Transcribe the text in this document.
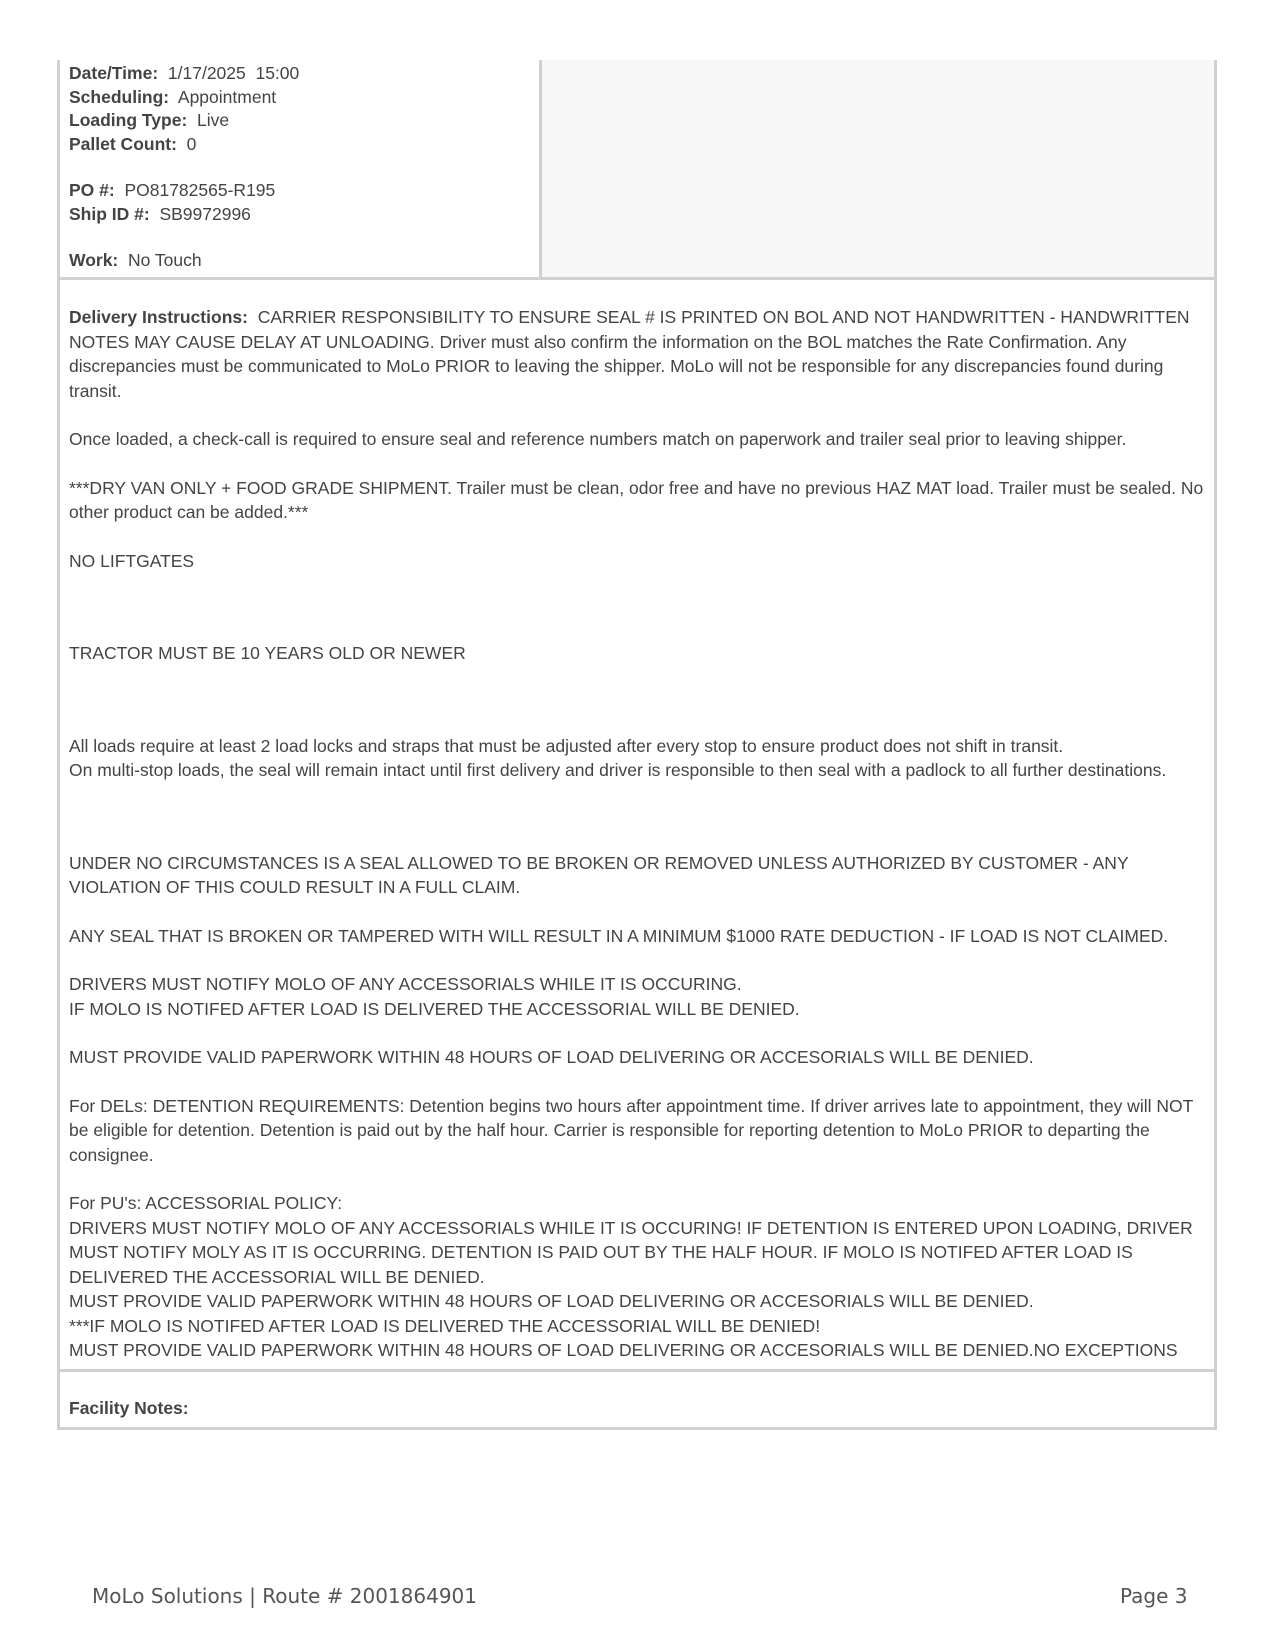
Date/Time: 1/17/2025  15:00
Scheduling: Appointment
Loading Type: Live
Pallet Count: 0
PO #: PO81782565-R195
Ship ID #: SB9972996
Work: No Touch
Delivery Instructions: CARRIER RESPONSIBILITY TO ENSURE SEAL # IS PRINTED ON BOL AND NOT HANDWRITTEN - HANDWRITTEN NOTES MAY CAUSE DELAY AT UNLOADING. Driver must also confirm the information on the BOL matches the Rate Confirmation. Any discrepancies must be communicated to MoLo PRIOR to leaving the shipper. MoLo will not be responsible for any discrepancies found during transit.
Once loaded, a check-call is required to ensure seal and reference numbers match on paperwork and trailer seal prior to leaving shipper.
***DRY VAN ONLY + FOOD GRADE SHIPMENT. Trailer must be clean, odor free and have no previous HAZ MAT load. Trailer must be sealed. No other product can be added.***
NO LIFTGATES
TRACTOR MUST BE 10 YEARS OLD OR NEWER
All loads require at least 2 load locks and straps that must be adjusted after every stop to ensure product does not shift in transit.
On multi-stop loads, the seal will remain intact until first delivery and driver is responsible to then seal with a padlock to all further destinations.
UNDER NO CIRCUMSTANCES IS A SEAL ALLOWED TO BE BROKEN OR REMOVED UNLESS AUTHORIZED BY CUSTOMER - ANY VIOLATION OF THIS COULD RESULT IN A FULL CLAIM.
ANY SEAL THAT IS BROKEN OR TAMPERED WITH WILL RESULT IN A MINIMUM $1000 RATE DEDUCTION - IF LOAD IS NOT CLAIMED.
DRIVERS MUST NOTIFY MOLO OF ANY ACCESSORIALS WHILE IT IS OCCURING.
IF MOLO IS NOTIFED AFTER LOAD IS DELIVERED THE ACCESSORIAL WILL BE DENIED.
MUST PROVIDE VALID PAPERWORK WITHIN 48 HOURS OF LOAD DELIVERING OR ACCESORIALS WILL BE DENIED.
For DELs: DETENTION REQUIREMENTS: Detention begins two hours after appointment time. If driver arrives late to appointment, they will NOT be eligible for detention. Detention is paid out by the half hour. Carrier is responsible for reporting detention to MoLo PRIOR to departing the consignee.
For PU's: ACCESSORIAL POLICY:
DRIVERS MUST NOTIFY MOLO OF ANY ACCESSORIALS WHILE IT IS OCCURING! IF DETENTION IS ENTERED UPON LOADING, DRIVER MUST NOTIFY MOLY AS IT IS OCCURRING. DETENTION IS PAID OUT BY THE HALF HOUR. IF MOLO IS NOTIFED AFTER LOAD IS DELIVERED THE ACCESSORIAL WILL BE DENIED.
MUST PROVIDE VALID PAPERWORK WITHIN 48 HOURS OF LOAD DELIVERING OR ACCESORIALS WILL BE DENIED.
***IF MOLO IS NOTIFED AFTER LOAD IS DELIVERED THE ACCESSORIAL WILL BE DENIED!
MUST PROVIDE VALID PAPERWORK WITHIN 48 HOURS OF LOAD DELIVERING OR ACCESORIALS WILL BE DENIED.NO EXCEPTIONS
Facility Notes:
MoLo Solutions | Route # 2001864901	Page 3
